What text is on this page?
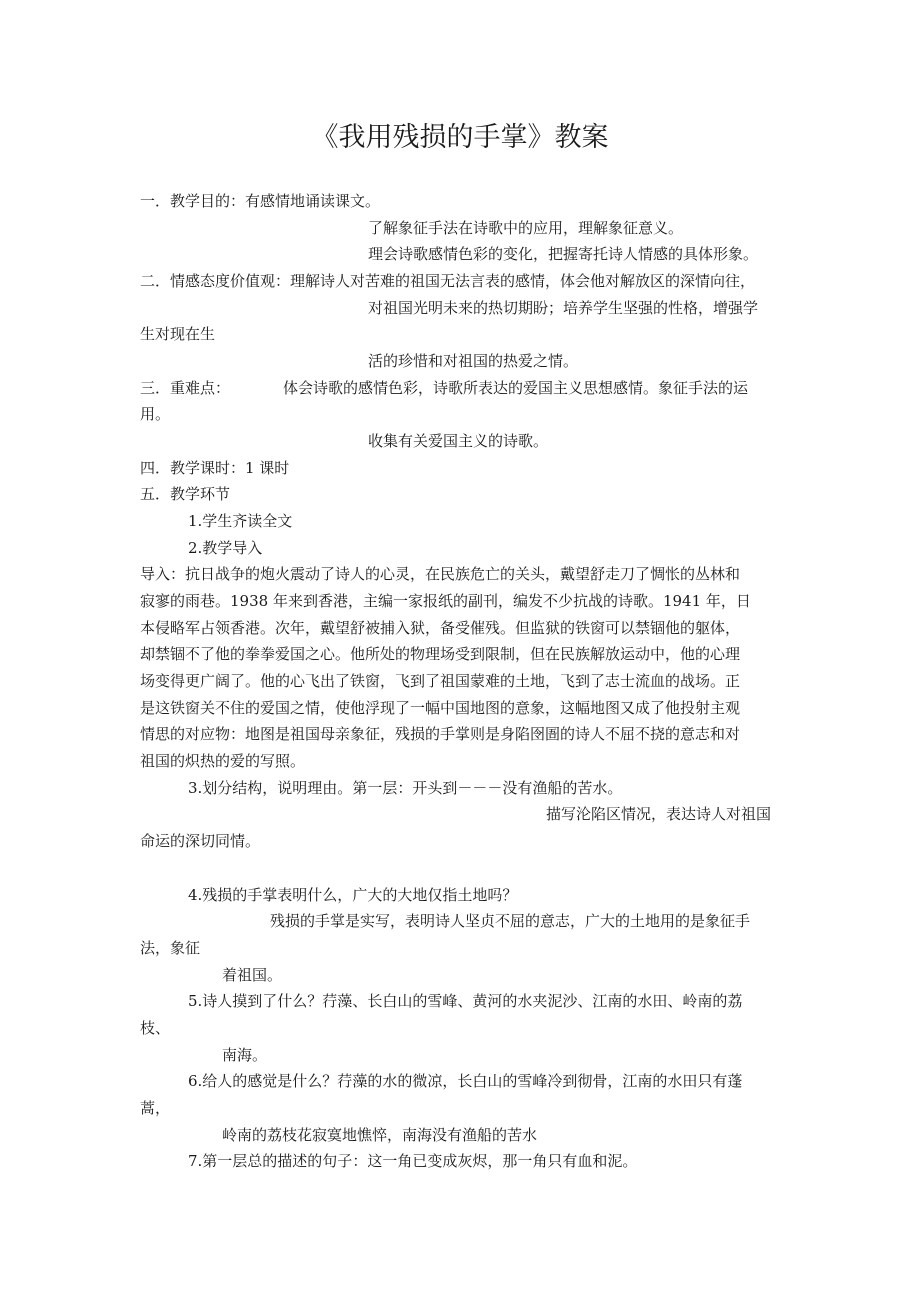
《我用残损的手掌》教案
一．教学目的：有感情地诵读课文。
了解象征手法在诗歌中的应用，理解象征意义。
理会诗歌感情色彩的变化，把握寄托诗人情感的具体形象。
二．情感态度价值观：理解诗人对苦难的祖国无法言表的感情，体会他对解放区的深情向往，
对祖国光明未来的热切期盼；培养学生坚强的性格，增强学
生对现在生
活的珍惜和对祖国的热爱之情。
三．重难点：	体会诗歌的感情色彩，诗歌所表达的爱国主义思想感情。象征手法的运
用。
收集有关爱国主义的诗歌。
四．教学课时：1 课时
五．教学环节
1.学生齐读全文
2.教学导入
导入：抗日战争的炮火震动了诗人的心灵，在民族危亡的关头，戴望舒走刀了惆怅的丛林和
寂寥的雨巷。1938 年来到香港，主编一家报纸的副刊，编发不少抗战的诗歌。1941 年，日
本侵略军占领香港。次年，戴望舒被捕入狱，备受催残。但监狱的铁窗可以禁锢他的躯体，
却禁锢不了他的拳拳爱国之心。他所处的物理场受到限制，但在民族解放运动中，他的心理
场变得更广阔了。他的心飞出了铁窗，飞到了祖国蒙难的土地，飞到了志士流血的战场。正
是这铁窗关不住的爱国之情，使他浮现了一幅中国地图的意象，这幅地图又成了他投射主观
情思的对应物：地图是祖国母亲象征，残损的手掌则是身陷囹圄的诗人不屈不挠的意志和对
祖国的炽热的爱的写照。
3.划分结构，说明理由。第一层：开头到－－－没有渔船的苦水。
描写沦陷区情况，表达诗人对祖国
命运的深切同情。
4.残损的手掌表明什么，广大的大地仅指土地吗？
残损的手掌是实写，表明诗人坚贞不屈的意志，广大的土地用的是象征手
法，象征
着祖国。
5.诗人摸到了什么？荇藻、长白山的雪峰、黄河的水夹泥沙、江南的水田、岭南的荔
枝、
南海。
6.给人的感觉是什么？荇藻的水的微凉，长白山的雪峰冷到彻骨，江南的水田只有蓬
蒿，
岭南的荔枝花寂寞地憔悴，南海没有渔船的苦水
7.第一层总的描述的句子：这一角已变成灰烬，那一角只有血和泥。
